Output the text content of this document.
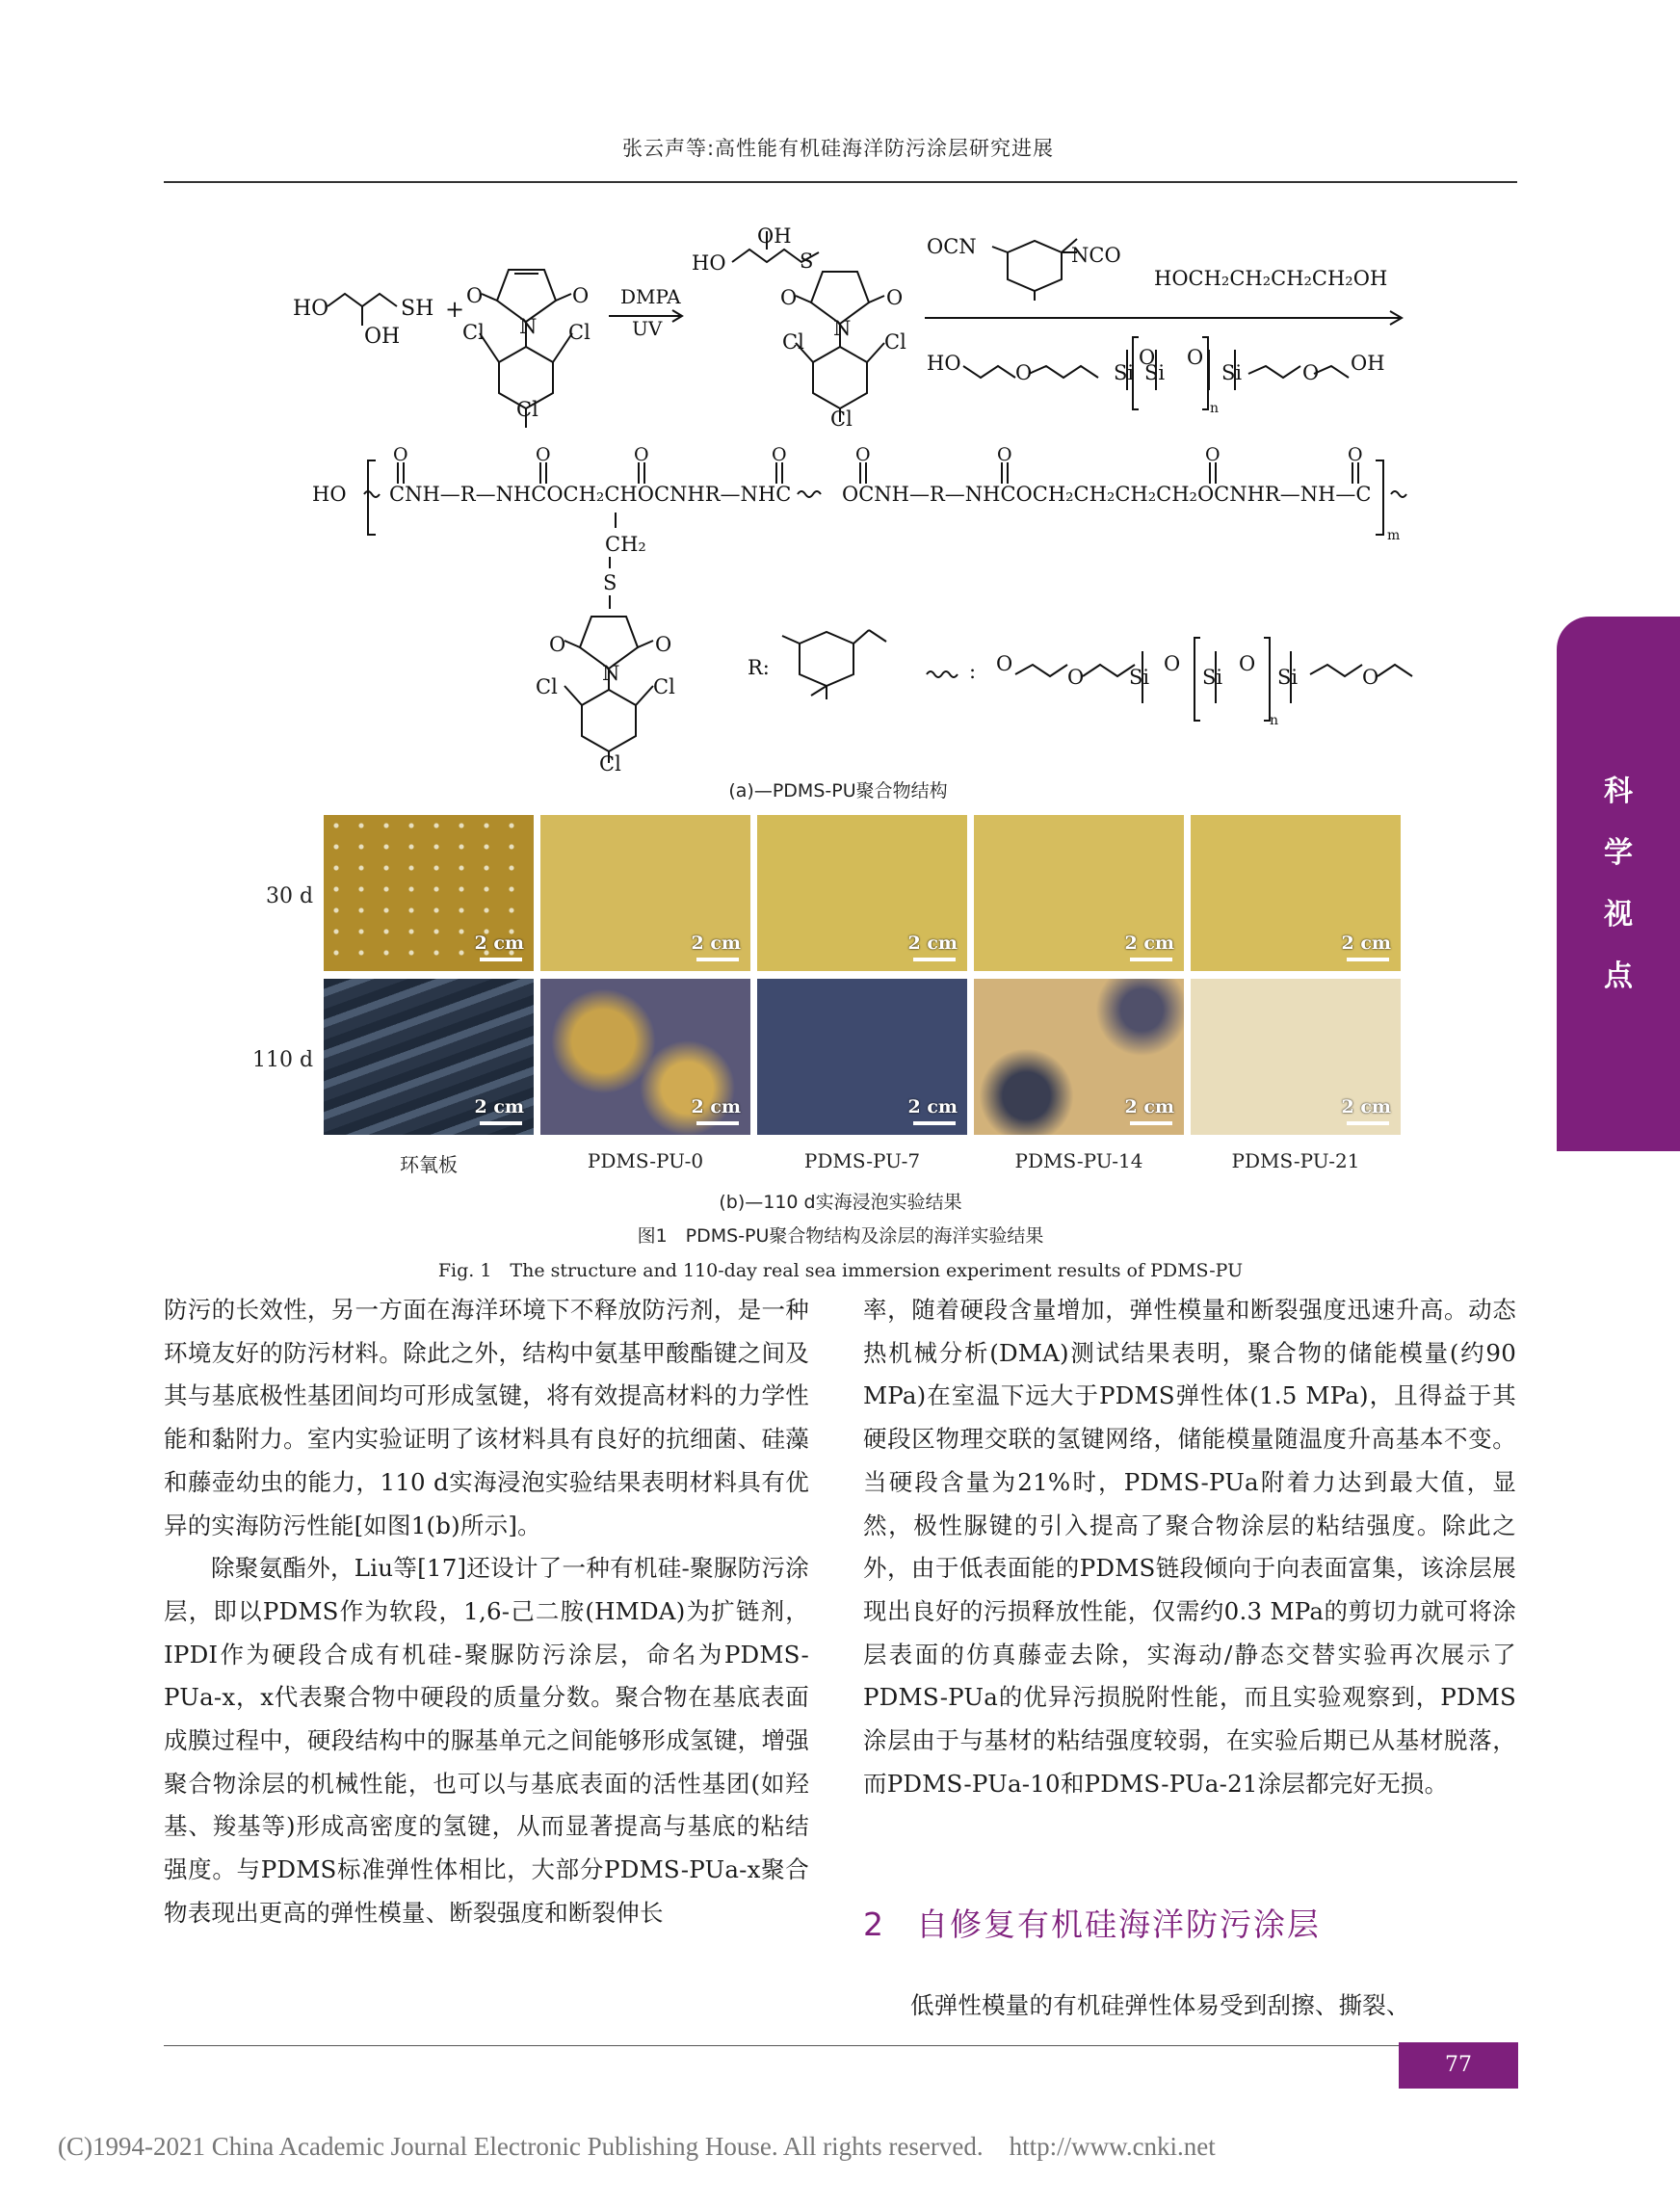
张云声等:高性能有机硅海洋防污涂层研究进展
科
学
视
点
HO	SH
OH
+ O	O
N
Cl	Cl
Cl
DMPA
UV
OH
HO	S
O	O
N
Cl	Cl
Cl
OCN	NCO
HOCH₂CH₂CH₂CH₂OH
HO	O	Si
O
Si
O
Si	O OH
n
HO CNH—R—NHCOCH₂CHOCNHR—NHC	OCNH—R—NHCOCH₂CH₂CH₂CH₂OCNHR—NH—C
O	O	O	O	O	O	O	O
CH₂
S
m
O	O
N
Cl	Cl
Cl
R:	: O
O Si
O
Si
O
Si	O
n
(a)—PDMS-PU聚合物结构
30 d
110 d
2 cm	2 cm	2 cm	2 cm	2 cm
2 cm	2 cm	2 cm	2 cm	2 cm
环氧板	PDMS-PU-0	PDMS-PU-7	PDMS-PU-14	PDMS-PU-21
(b)—110 d实海浸泡实验结果
图1　PDMS-PU聚合物结构及涂层的海洋实验结果
Fig. 1　The structure and 110-day real sea immersion experiment results of PDMS-PU

防污的长效性，另一方面在海洋环境下不释放防污剂，是一种环境友好的防污材料。除此之外，结构中氨基甲酸酯键之间及其与基底极性基团间均可形成氢键，将有效提高材料的力学性能和黏附力。室内实验证明了该材料具有良好的抗细菌、硅藻和藤壶幼虫的能力，110 d实海浸泡实验结果表明材料具有优异的实海防污性能[如图1(b)所示]。

除聚氨酯外，Liu等[17]还设计了一种有机硅-聚脲防污涂层，即以PDMS作为软段，1,6-己二胺(HMDA)为扩链剂，IPDI作为硬段合成有机硅-聚脲防污涂层，命名为PDMS-PUa-x，x代表聚合物中硬段的质量分数。聚合物在基底表面成膜过程中，硬段结构中的脲基单元之间能够形成氢键，增强聚合物涂层的机械性能，也可以与基底表面的活性基团(如羟基、羧基等)形成高密度的氢键，从而显著提高与基底的粘结强度。与PDMS标准弹性体相比，大部分PDMS-PUa-x聚合物表现出更高的弹性模量、断裂强度和断裂伸长

率，随着硬段含量增加，弹性模量和断裂强度迅速升高。动态热机械分析(DMA)测试结果表明，聚合物的储能模量(约90 MPa)在室温下远大于PDMS弹性体(1.5 MPa)，且得益于其硬段区物理交联的氢键网络，储能模量随温度升高基本不变。当硬段含量为21%时，PDMS-PUa附着力达到最大值，显然，极性脲键的引入提高了聚合物涂层的粘结强度。除此之外，由于低表面能的PDMS链段倾向于向表面富集，该涂层展现出良好的污损释放性能，仅需约0.3 MPa的剪切力就可将涂层表面的仿真藤壶去除，实海动/静态交替实验再次展示了PDMS-PUa的优异污损脱附性能，而且实验观察到，PDMS涂层由于与基材的粘结强度较弱，在实验后期已从基材脱落，而PDMS-PUa-10和PDMS-PUa-21涂层都完好无损。

2 自修复有机硅海洋防污涂层

低弹性模量的有机硅弹性体易受到刮擦、撕裂、

77
(C)1994-2021 China Academic Journal Electronic Publishing House. All rights reserved.    http://www.cnki.net
